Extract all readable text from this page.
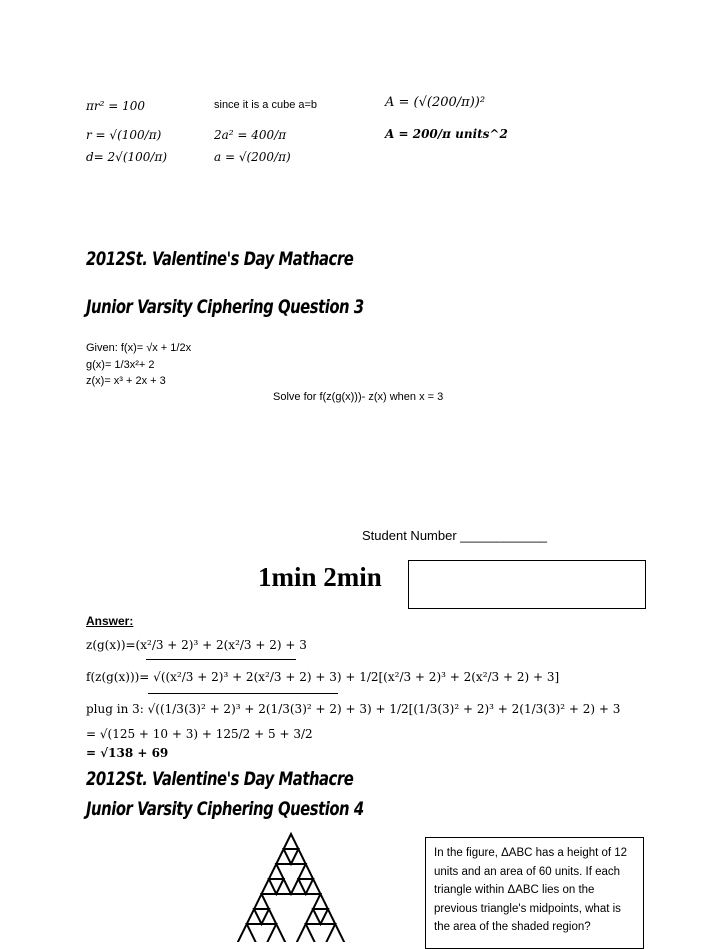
πr² = 100
r = √(100/π)
d= 2√(100/π)
since it is a cube a=b
2a² = 400/π
a = √(200/π)
A = (√(200/π))²
A = 200/π units^2
2012St. Valentine's Day Mathacre
Junior Varsity Ciphering Question 3
Given: f(x)= √x + 1/2x
g(x)= 1/3x²+ 2
z(x)= x³ + 2x + 3
Solve for f(z(g(x)))- z(x) when x = 3
Student Number ____________
1min 2min
Answer:
z(g(x))=(x²/3 + 2)³ + 2(x²/3 + 2) + 3
f(z(g(x)))= √((x²/3 + 2)³ + 2(x²/3 + 2) + 3) + 1/2[(x²/3 + 2)³ + 2(x²/3 + 2) + 3]
plug in 3: √((1/3(3)² + 2)³ + 2(1/3(3)² + 2) + 3) + 1/2[(1/3(3)² + 2)³ + 2(1/3(3)² + 2) + 3
= √(125 + 10 + 3) + 125/2 + 5 + 3/2
= √138 + 69
2012St. Valentine's Day Mathacre
Junior Varsity Ciphering Question 4
In the figure, ΔABC has a height of 12 units and an area of 60 units. If each triangle within ΔABC lies on the previous triangle's midpoints, what is the area of the shaded region?
